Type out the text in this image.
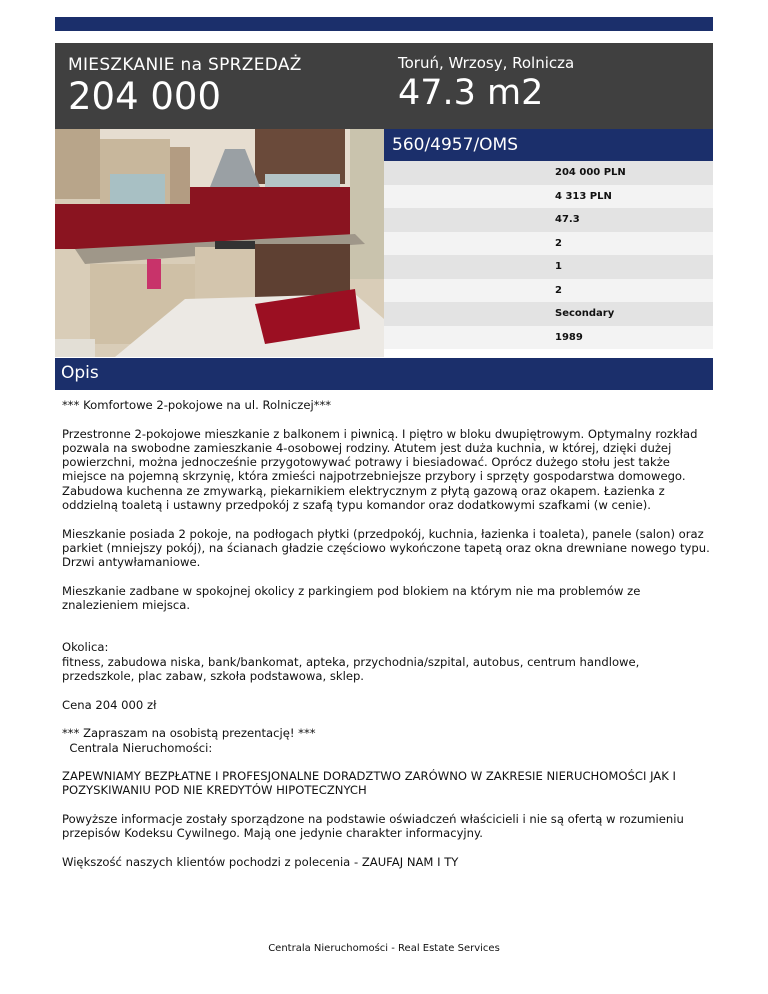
MIESZKANIE na SPRZEDAŻ
204 000
Toruń, Wrzosy, Rolnicza
47.3 m2
560/4957/OMS
204 000 PLN
4 313 PLN
47.3
2
1
2
Secondary
1989
Opis

*** Komfortowe 2-pokojowe na ul. Rolniczej***

Przestronne 2-pokojowe mieszkanie z balkonem i piwnicą. I piętro w bloku dwupiętrowym. Optymalny rozkład pozwala na swobodne zamieszkanie 4-osobowej rodziny. Atutem jest duża kuchnia, w której, dzięki dużej powierzchni, można jednocześnie przygotowywać potrawy i biesiadować. Oprócz dużego stołu jest także miejsce na pojemną skrzynię, która zmieści najpotrzebniejsze przybory i sprzęty gospodarstwa domowego. Zabudowa kuchenna ze zmywarką, piekarnikiem elektrycznym z płytą gazową oraz okapem. Łazienka z oddzielną toaletą i ustawny przedpokój z szafą typu komandor oraz dodatkowymi szafkami (w cenie).

Mieszkanie posiada 2 pokoje, na podłogach płytki (przedpokój, kuchnia, łazienka i toaleta), panele (salon) oraz parkiet (mniejszy pokój), na ścianach gładzie częściowo wykończone tapetą oraz okna drewniane nowego typu. Drzwi antywłamaniowe.

Mieszkanie zadbane w spokojnej okolicy z parkingiem pod blokiem na którym nie ma problemów ze znalezieniem miejsca.

Okolica:
fitness, zabudowa niska, bank/bankomat, apteka, przychodnia/szpital, autobus, centrum handlowe, przedszkole, plac zabaw, szkoła podstawowa, sklep.

Cena 204 000 zł

*** Zapraszam na osobistą prezentację! ***
Centrala Nieruchomości:

ZAPEWNIAMY BEZPŁATNE I PROFESJONALNE DORADZTWO ZARÓWNO W ZAKRESIE NIERUCHOMOŚCI JAK I POZYSKIWANIU POD NIE KREDYTÓW HIPOTECZNYCH

Powyższe informacje zostały sporządzone na podstawie oświadczeń właścicieli i nie są ofertą w rozumieniu przepisów Kodeksu Cywilnego. Mają one jedynie charakter informacyjny.

Większość naszych klientów pochodzi z polecenia - ZAUFAJ NAM I TY

Centrala Nieruchomości - Real Estate Services
